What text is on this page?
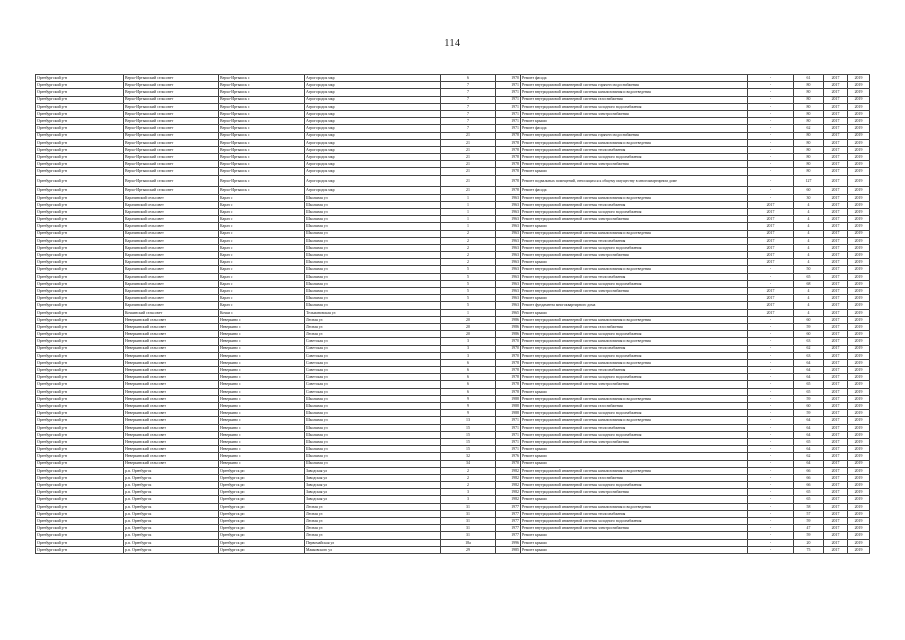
114
Оренбургский р-н	Верхо-Иртышский сельсовет	Верхо-Иртышск с	Агрогородок мкр	6	1970	Ремонт фасада	-	61	2017	2019
Оренбургский р-н	Верхо-Иртышский сельсовет	Верхо-Иртышск с	Агрогородок мкр	7	1971	Ремонт внутридомовой инженерной системы горячего водоснабжения	-	80	2017	2019
Оренбургский р-н	Верхо-Иртышский сельсовет	Верхо-Иртышск с	Агрогородок мкр	7	1971	Ремонт внутридомовой инженерной системы канализования и водоотведения	-	80	2017	2019
Оренбургский р-н	Верхо-Иртышский сельсовет	Верхо-Иртышск с	Агрогородок мкр	7	1971	Ремонт внутридомовой инженерной системы газоснабжения	-	80	2017	2019
Оренбургский р-н	Верхо-Иртышский сельсовет	Верхо-Иртышск с	Агрогородок мкр	7	1971	Ремонт внутридомовой инженерной системы холодного водоснабжения	-	80	2017	2019
Оренбургский р-н	Верхо-Иртышский сельсовет	Верхо-Иртышск с	Агрогородок мкр	7	1971	Ремонт внутридомовой инженерной системы электроснабжения	-	80	2017	2019
Оренбургский р-н	Верхо-Иртышский сельсовет	Верхо-Иртышск с	Агрогородок мкр	7	1971	Ремонт крыши	-	80	2017	2019
Оренбургский р-н	Верхо-Иртышский сельсовет	Верхо-Иртышск с	Агрогородок мкр	7	1971	Ремонт фасада	-	62	2017	2019
Оренбургский р-н	Верхо-Иртышский сельсовет	Верхо-Иртышск с	Агрогородок мкр	21	1978	Ремонт внутридомовой инженерной системы горячего водоснабжения	-	80	2017	2019
Оренбургский р-н	Верхо-Иртышский сельсовет	Верхо-Иртышск с	Агрогородок мкр	21	1978	Ремонт внутридомовой инженерной системы канализования и водоотведения	-	80	2017	2019
Оренбургский р-н	Верхо-Иртышский сельсовет	Верхо-Иртышск с	Агрогородок мкр	21	1978	Ремонт внутридомовой инженерной системы теплоснабжения	-	80	2017	2019
Оренбургский р-н	Верхо-Иртышский сельсовет	Верхо-Иртышск с	Агрогородок мкр	21	1978	Ремонт внутридомовой инженерной системы холодного водоснабжения	-	80	2017	2019
Оренбургский р-н	Верхо-Иртышский сельсовет	Верхо-Иртышск с	Агрогородок мкр	21	1978	Ремонт внутридомовой инженерной системы электроснабжения	-	80	2017	2019
Оренбургский р-н	Верхо-Иртышский сельсовет	Верхо-Иртышск с	Агрогородок мкр	21	1978	Ремонт крыши	-	80	2017	2019
Оренбургский р-н	Верхо-Иртышский сельсовет	Верхо-Иртышск с	Агрогородок мкр	21	1978	Ремонт подвальных помещений, относящихся к общему имуществу в многоквартирном доме	-	127	2017	2019
Оренбургский р-н	Верхо-Иртышский сельсовет	Верхо-Иртышск с	Агрогородок мкр	21	1978	Ремонт фасада	-	60	2017	2019
Оренбургский р-н	Карачинский сельсовет	Карач с	Школьная ул	1	1963	Ремонт внутридомовой инженерной системы канализования и водоотведения	-	30	2017	2019
Оренбургский р-н	Карачинский сельсовет	Карач с	Школьная ул	1	1963	Ремонт внутридомовой инженерной системы теплоснабжения	2017	4	2017	2019
Оренбургский р-н	Карачинский сельсовет	Карач с	Школьная ул	1	1963	Ремонт внутридомовой инженерной системы холодного водоснабжения	2017	4	2017	2019
Оренбургский р-н	Карачинский сельсовет	Карач с	Школьная ул	1	1963	Ремонт внутридомовой инженерной системы электроснабжения	2017	4	2017	2019
Оренбургский р-н	Карачинский сельсовет	Карач с	Школьная ул	1	1963	Ремонт крыши	2017	4	2017	2019
Оренбургский р-н	Карачинский сельсовет	Карач с	Школьная ул	2	1963	Ремонт внутридомовой инженерной системы канализования и водоотведения	2017	4	2017	2019
Оренбургский р-н	Карачинский сельсовет	Карач с	Школьная ул	2	1963	Ремонт внутридомовой инженерной системы теплоснабжения	2017	4	2017	2019
Оренбургский р-н	Карачинский сельсовет	Карач с	Школьная ул	2	1963	Ремонт внутридомовой инженерной системы холодного водоснабжения	2017	4	2017	2019
Оренбургский р-н	Карачинский сельсовет	Карач с	Школьная ул	2	1963	Ремонт внутридомовой инженерной системы электроснабжения	2017	4	2017	2019
Оренбургский р-н	Карачинский сельсовет	Карач с	Школьная ул	2	1963	Ремонт крыши	2017	4	2017	2019
Оренбургский р-н	Карачинский сельсовет	Карач с	Школьная ул	5	1963	Ремонт внутридомовой инженерной системы канализования и водоотведения	-	50	2017	2019
Оренбургский р-н	Карачинский сельсовет	Карач с	Школьная ул	5	1963	Ремонт внутридомовой инженерной системы теплоснабжения	-	65	2017	2019
Оренбургский р-н	Карачинский сельсовет	Карач с	Школьная ул	5	1963	Ремонт внутридомовой инженерной системы холодного водоснабжения	-	68	2017	2019
Оренбургский р-н	Карачинский сельсовет	Карач с	Школьная ул	5	1963	Ремонт внутридомовой инженерной системы электроснабжения	2017	4	2017	2019
Оренбургский р-н	Карачинский сельсовет	Карач с	Школьная ул	5	1963	Ремонт крыши	2017	4	2017	2019
Оренбургский р-н	Карачинский сельсовет	Карач с	Школьная ул	5	1963	Ремонт фундамента многоквартирного дома	2017	4	2017	2019
Оренбургский р-н	Кочкинский сельсовет	Кочки с	Тельмановская ул	1	1965	Ремонт крыши	2017	4	2017	2019
Оренбургский р-н	Неверкинский сельсовет	Неверкино с	Лесная ул	20	1986	Ремонт внутридомовой инженерной системы канализования и водоотведения	-	60	2017	2019
Оренбургский р-н	Неверкинский сельсовет	Неверкино с	Лесная ул	20	1986	Ремонт внутридомовой инженерной системы газоснабжения	-	59	2017	2019
Оренбургский р-н	Неверкинский сельсовет	Неверкино с	Лесная ул	20	1986	Ремонт внутридомовой инженерной системы холодного водоснабжения	-	60	2017	2019
Оренбургский р-н	Неверкинский сельсовет	Неверкино с	Советская ул	3	1970	Ремонт внутридомовой инженерной системы канализования и водоотведения	-	63	2017	2019
Оренбургский р-н	Неверкинский сельсовет	Неверкино с	Советская ул	3	1970	Ремонт внутридомовой инженерной системы теплоснабжения	-	62	2017	2019
Оренбургский р-н	Неверкинский сельсовет	Неверкино с	Советская ул	3	1970	Ремонт внутридомовой инженерной системы холодного водоснабжения	-	63	2017	2019
Оренбургский р-н	Неверкинский сельсовет	Неверкино с	Советская ул	6	1978	Ремонт внутридомовой инженерной системы канализования и водоотведения	-	64	2017	2019
Оренбургский р-н	Неверкинский сельсовет	Неверкино с	Советская ул	6	1978	Ремонт внутридомовой инженерной системы теплоснабжения	-	64	2017	2019
Оренбургский р-н	Неверкинский сельсовет	Неверкино с	Советская ул	6	1978	Ремонт внутридомовой инженерной системы холодного водоснабжения	-	64	2017	2019
Оренбургский р-н	Неверкинский сельсовет	Неверкино с	Советская ул	6	1978	Ремонт внутридомовой инженерной системы электроснабжения	-	65	2017	2019
Оренбургский р-н	Неверкинский сельсовет	Неверкино с	Советская ул	6	1978	Ремонт крыши	-	65	2017	2019
Оренбургский р-н	Неверкинский сельсовет	Неверкино с	Школьная ул	9	1988	Ремонт внутридомовой инженерной системы канализования и водоотведения	-	59	2017	2019
Оренбургский р-н	Неверкинский сельсовет	Неверкино с	Школьная ул	9	1988	Ремонт внутридомовой инженерной системы газоснабжения	-	60	2017	2019
Оренбургский р-н	Неверкинский сельсовет	Неверкино с	Школьная ул	9	1988	Ремонт внутридомовой инженерной системы холодного водоснабжения	-	59	2017	2019
Оренбургский р-н	Неверкинский сельсовет	Неверкино с	Школьная ул	13	1971	Ремонт внутридомовой инженерной системы канализования и водоотведения	-	64	2017	2019
Оренбургский р-н	Неверкинский сельсовет	Неверкино с	Школьная ул	15	1971	Ремонт внутридомовой инженерной системы теплоснабжения	-	64	2017	2019
Оренбургский р-н	Неверкинский сельсовет	Неверкино с	Школьная ул	15	1971	Ремонт внутридомовой инженерной системы холодного водоснабжения	-	64	2017	2019
Оренбургский р-н	Неверкинский сельсовет	Неверкино с	Школьная ул	15	1971	Ремонт внутридомовой инженерной системы электроснабжения	-	65	2017	2019
Оренбургский р-н	Неверкинский сельсовет	Неверкино с	Школьная ул	15	1971	Ремонт крыши	-	64	2017	2019
Оренбургский р-н	Неверкинский сельсовет	Неверкино с	Школьная ул	32	1976	Ремонт крыши	-	62	2017	2019
Оренбургский р-н	Неверкинский сельсовет	Неверкино с	Школьная ул	34	1970	Ремонт крыши	-	64	2017	2019
Оренбургский р-н	р.п. Оренбургск	Оренбургск рп	Заводская ул	2	1982	Ремонт внутридомовой инженерной системы канализования и водоотведения	-	66	2017	2019
Оренбургский р-н	р.п. Оренбургск	Оренбургск рп	Заводская ул	2	1982	Ремонт внутридомовой инженерной системы газоснабжения	-	66	2017	2019
Оренбургский р-н	р.п. Оренбургск	Оренбургск рп	Заводская ул	2	1982	Ремонт внутридомовой инженерной системы холодного водоснабжения	-	66	2017	2019
Оренбургский р-н	р.п. Оренбургск	Оренбургск рп	Заводская ул	3	1982	Ремонт внутридомовой инженерной системы электроснабжения	-	65	2017	2019
Оренбургский р-н	р.п. Оренбургск	Оренбургск рп	Заводская ул	3	1982	Ремонт крыши	-	65	2017	2019
Оренбургский р-н	р.п. Оренбургск	Оренбургск рп	Лесная ул	31	1977	Ремонт внутридомовой инженерной системы канализования и водоотведения	-	58	2017	2019
Оренбургский р-н	р.п. Оренбургск	Оренбургск рп	Лесная ул	31	1977	Ремонт внутридомовой инженерной системы теплоснабжения	-	57	2017	2019
Оренбургский р-н	р.п. Оренбургск	Оренбургск рп	Лесная ул	31	1977	Ремонт внутридомовой инженерной системы холодного водоснабжения	-	59	2017	2019
Оренбургский р-н	р.п. Оренбургск	Оренбургск рп	Лесная ул	31	1977	Ремонт внутридомовой инженерной системы электроснабжения	-	47	2017	2019
Оренбургский р-н	р.п. Оренбургск	Оренбургск рп	Лесная ул	31	1977	Ремонт крыши	-	59	2017	2019
Оренбургский р-н	р.п. Оренбургск	Оренбургск рп	Первомайская ул	18а	1996	Ремонт крыши	-	20	2017	2019
Оренбургский р-н	р.п. Оренбургск	Оренбургск рп	Маяковского ул	29	1985	Ремонт крыши	-	75	2017	2019
